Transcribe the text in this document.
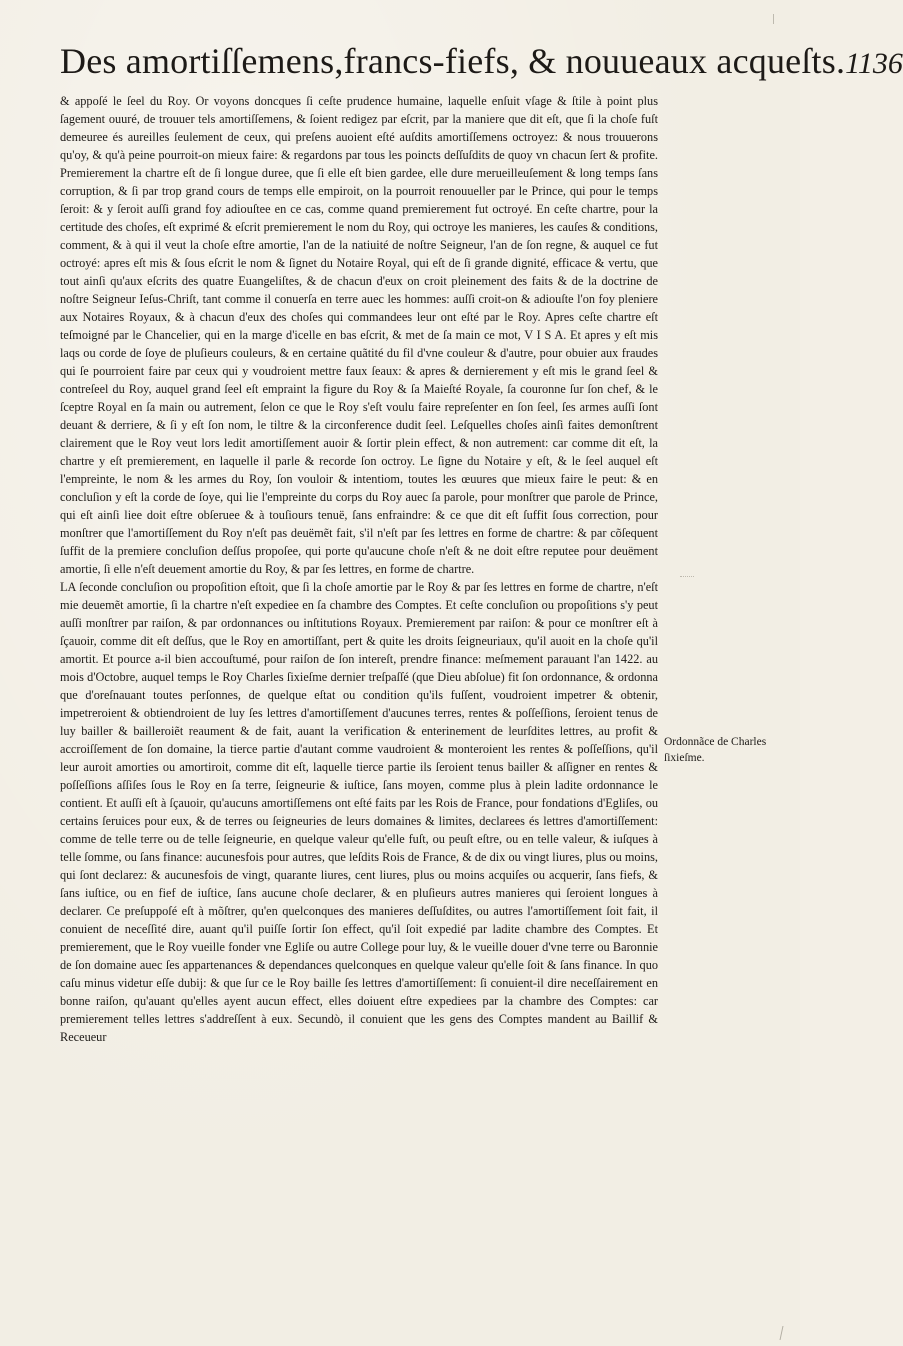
Des amortiſſemens,francs-fiefs, & nouueaux acqueſts. 1136

& appoſé le ſeel du Roy. Or voyons doncques ſi ceſte prudence humaine, laquelle enſuit vſage & ſtile à point plus ſagement ouuré, de trouuer tels amortiſſemens, & ſoient redigez par eſcrit, par la maniere que dit eſt, que ſi la choſe fuſt demeuree és aureilles ſeulement de ceux, qui preſens auoient eſté auſdits amortiſſemens octroyez: & nous trouuerons qu'oy, & qu'à peine pourroit-on mieux faire: & regardons par tous les poincts deſſuſdits de quoy vn chacun ſert & profite. Premierement la chartre eſt de ſi longue duree, que ſi elle eſt bien gardee, elle dure merueilleuſement & long temps ſans corruption, & ſi par trop grand cours de temps elle empiroit, on la pourroit renouueller par le Prince, qui pour le temps ſeroit: & y ſeroit auſſi grand foy adiouſtee en ce cas, comme quand premierement fut octroyé. En ceſte chartre, pour la certitude des choſes, eſt exprimé & eſcrit premierement le nom du Roy, qui octroye les manieres, les cauſes & conditions, comment, & à qui il veut la choſe eſtre amortie, l'an de la natiuité de noſtre Seigneur, l'an de ſon regne, & auquel ce fut octroyé: apres eſt mis & ſous eſcrit le nom & ſignet du Notaire Royal, qui eſt de ſi grande dignité, efficace & vertu, que tout ainſi qu'aux eſcrits des quatre Euangeliſtes, & de chacun d'eux on croit pleinement des faits & de la doctrine de noſtre Seigneur Ieſus-Chriſt, tant comme il conuerſa en terre auec les hommes: auſſi croit-on & adiouſte l'on foy pleniere aux Notaires Royaux, & à chacun d'eux des choſes qui commandees leur ont eſté par le Roy. Apres ceſte chartre eſt teſmoigné par le Chancelier, qui en la marge d'icelle en bas eſcrit, & met de ſa main ce mot, V I S A. Et apres y eſt mis laqs ou corde de ſoye de pluſieurs couleurs, & en certaine quãtité du fil d'vne couleur & d'autre, pour obuier aux fraudes qui ſe pourroient faire par ceux qui y voudroient mettre faux ſeaux: & apres & dernierement y eſt mis le grand ſeel & contreſeel du Roy, auquel grand ſeel eſt empraint la figure du Roy & ſa Maieſté Royale, ſa couronne ſur ſon chef, & le ſceptre Royal en ſa main ou autrement, ſelon ce que le Roy s'eſt voulu faire repreſenter en ſon ſeel, ſes armes auſſi ſont deuant & derriere, & ſi y eſt ſon nom, le tiltre & la circonference dudit ſeel. Leſquelles choſes ainſi faites demonſtrent clairement que le Roy veut lors ledit amortiſſement auoir & ſortir plein effect, & non autrement: car comme dit eſt, la chartre y eſt premierement, en laquelle il parle & recorde ſon octroy. Le ſigne du Notaire y eſt, & le ſeel auquel eſt l'empreinte, le nom & les armes du Roy, ſon vouloir & intentiom, toutes les œuures que mieux faire le peut: & en concluſion y eſt la corde de ſoye, qui lie l'empreinte du corps du Roy auec ſa parole, pour monſtrer que parole de Prince, qui eſt ainſi liee doit eſtre obſeruee & à touſiours tenuë, ſans enfraindre: & ce que dit eſt ſuffit ſous correction, pour monſtrer que l'amortiſſement du Roy n'eſt pas deuëmẽt fait, s'il n'eſt par ſes lettres en forme de chartre: & par cõſequent ſuffit de la premiere concluſion deſſus propoſee, qui porte qu'aucune choſe n'eſt & ne doit eſtre reputee pour deuëment amortie, ſi elle n'eſt deuement amortie du Roy, & par ſes lettres, en forme de chartre.

LA ſeconde concluſion ou propoſition eſtoit, que ſi la choſe amortie par le Roy & par ſes lettres en forme de chartre, n'eſt mie deuemẽt amortie, ſi la chartre n'eſt expediee en ſa chambre des Comptes. Et ceſte concluſion ou propoſitions s'y peut auſſi monſtrer par raiſon, & par ordonnances ou inſtitutions Royaux. Premierement par raiſon: & pour ce monſtrer eſt à ſçauoir, comme dit eſt deſſus, que le Roy en amortiſſant, pert & quite les droits ſeigneuriaux, qu'il auoit en la choſe qu'il amortit. Et pource a-il bien accouſtumé, pour raiſon de ſon intereſt, prendre finance: meſmement parauant l'an 1422. au mois d'Octobre, auquel temps le Roy Charles ſixieſme dernier treſpaſſé (que Dieu abſolue) fit ſon ordonnance, & ordonna que d'oreſnauant toutes perſonnes, de quelque eſtat ou condition qu'ils fuſſent, voudroient impetrer & obtenir, impetreroient & obtiendroient de luy ſes lettres d'amortiſſement d'aucunes terres, rentes & poſſeſſions, ſeroient tenus de luy bailler & bailleroiẽt reaument & de fait, auant la verification & enterinement de leurſdites lettres, au profit & accroiſſement de ſon domaine, la tierce partie d'autant comme vaudroient & monteroient les rentes & poſſeſſions, qu'il leur auroit amorties ou amortiroit, comme dit eſt, laquelle tierce partie ils ſeroient tenus bailler & aſſigner en rentes & poſſeſſions aſſiſes ſous le Roy en ſa terre, ſeigneurie & iuſtice, ſans moyen, comme plus à plein ladite ordonnance le contient. Et auſſi eſt à ſçauoir, qu'aucuns amortiſſemens ont eſté faits par les Rois de France, pour fondations d'Egliſes, ou certains ſeruices pour eux, & de terres ou ſeigneuries de leurs domaines & limites, declarees és lettres d'amortiſſement: comme de telle terre ou de telle ſeigneurie, en quelque valeur qu'elle fuſt, ou peuſt eſtre, ou en telle valeur, & iuſques à telle ſomme, ou ſans finance: aucunesfois pour autres, que leſdits Rois de France, & de dix ou vingt liures, plus ou moins, qui ſont declarez: & aucunesfois de vingt, quarante liures, cent liures, plus ou moins acquiſes ou acquerir, ſans fiefs, & ſans iuſtice, ou en fief de iuſtice, ſans aucune choſe declarer, & en pluſieurs autres manieres qui ſeroient longues à declarer. Ce preſuppoſé eſt à mõſtrer, qu'en quelconques des manieres deſſuſdites, ou autres l'amortiſſement ſoit fait, il conuient de neceſſité dire, auant qu'il puiſſe ſortir ſon effect, qu'il ſoit expedié par ladite chambre des Comptes. Et premierement, que le Roy vueille fonder vne Egliſe ou autre College pour luy, & le vueille douer d'vne terre ou Baronnie de ſon domaine auec ſes appartenances & dependances quelconques en quelque valeur qu'elle ſoit & ſans finance. In quo caſu minus videtur eſſe dubij: & que ſur ce le Roy baille ſes lettres d'amortiſſement: ſi conuient-il dire neceſſairement en bonne raiſon, qu'auant qu'elles ayent aucun effect, elles doiuent eſtre expediees par la chambre des Comptes: car premierement telles lettres s'addreſſent à eux. Secundò, il conuient que les gens des Comptes mandent au Baillif & Receueur

Ordonnãce de Charles ſixieſme.
